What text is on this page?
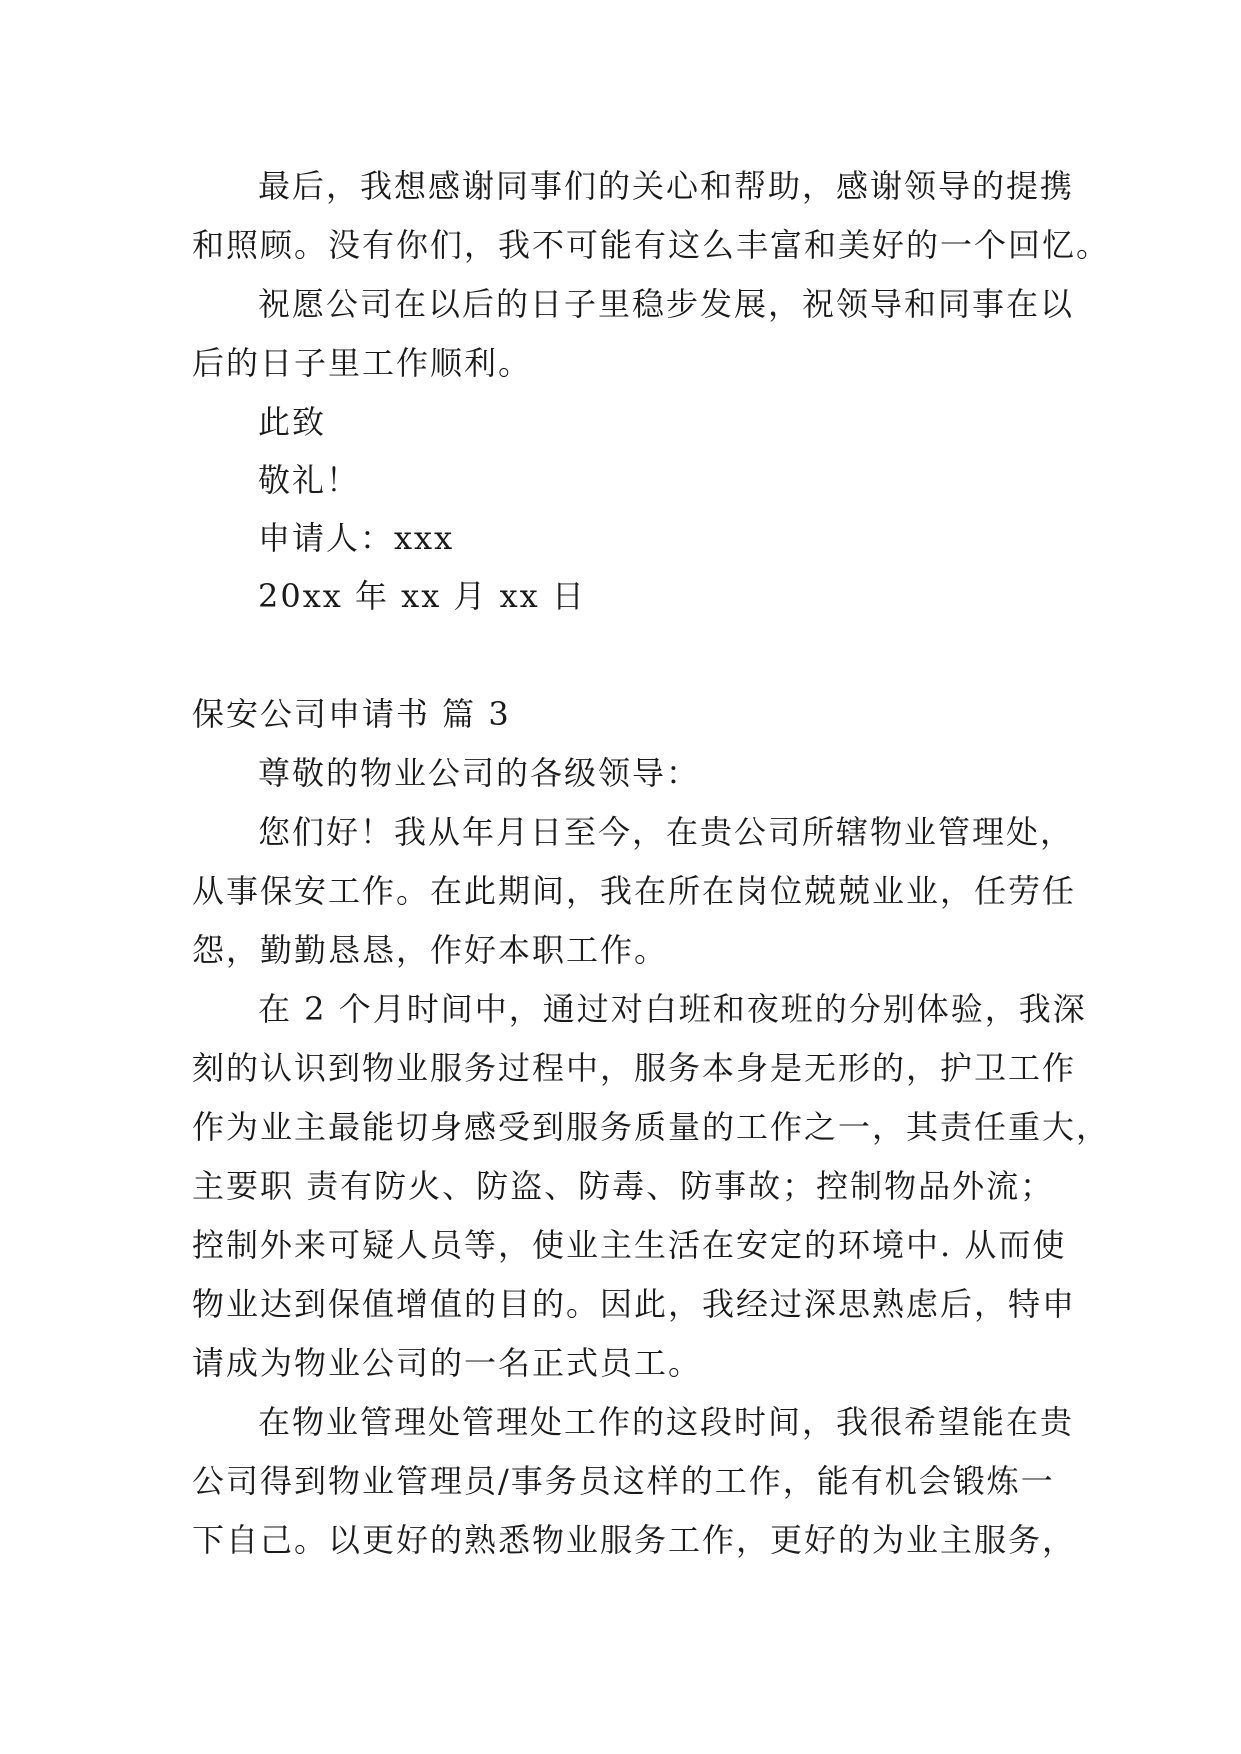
最后，我想感谢同事们的关心和帮助，感谢领导的提携
和照顾。没有你们，我不可能有这么丰富和美好的一个回忆。
祝愿公司在以后的日子里稳步发展，祝领导和同事在以
后的日子里工作顺利。
此致
敬礼！
申请人：xxx
20xx 年 xx 月 xx 日
保安公司申请书 篇 3
尊敬的物业公司的各级领导：
您们好！我从年月日至今，在贵公司所辖物业管理处，
从事保安工作。在此期间，我在所在岗位兢兢业业，任劳任
怨，勤勤恳恳，作好本职工作。
在 2 个月时间中，通过对白班和夜班的分别体验，我深
刻的认识到物业服务过程中，服务本身是无形的，护卫工作
作为业主最能切身感受到服务质量的工作之一，其责任重大，
主要职 责有防火、防盗、防毒、防事故；控制物品外流；
控制外来可疑人员等，使业主生活在安定的环境中. 从而使
物业达到保值增值的目的。因此，我经过深思熟虑后，特申
请成为物业公司的一名正式员工。
在物业管理处管理处工作的这段时间，我很希望能在贵
公司得到物业管理员/事务员这样的工作，能有机会锻炼一
下自己。以更好的熟悉物业服务工作，更好的为业主服务，
